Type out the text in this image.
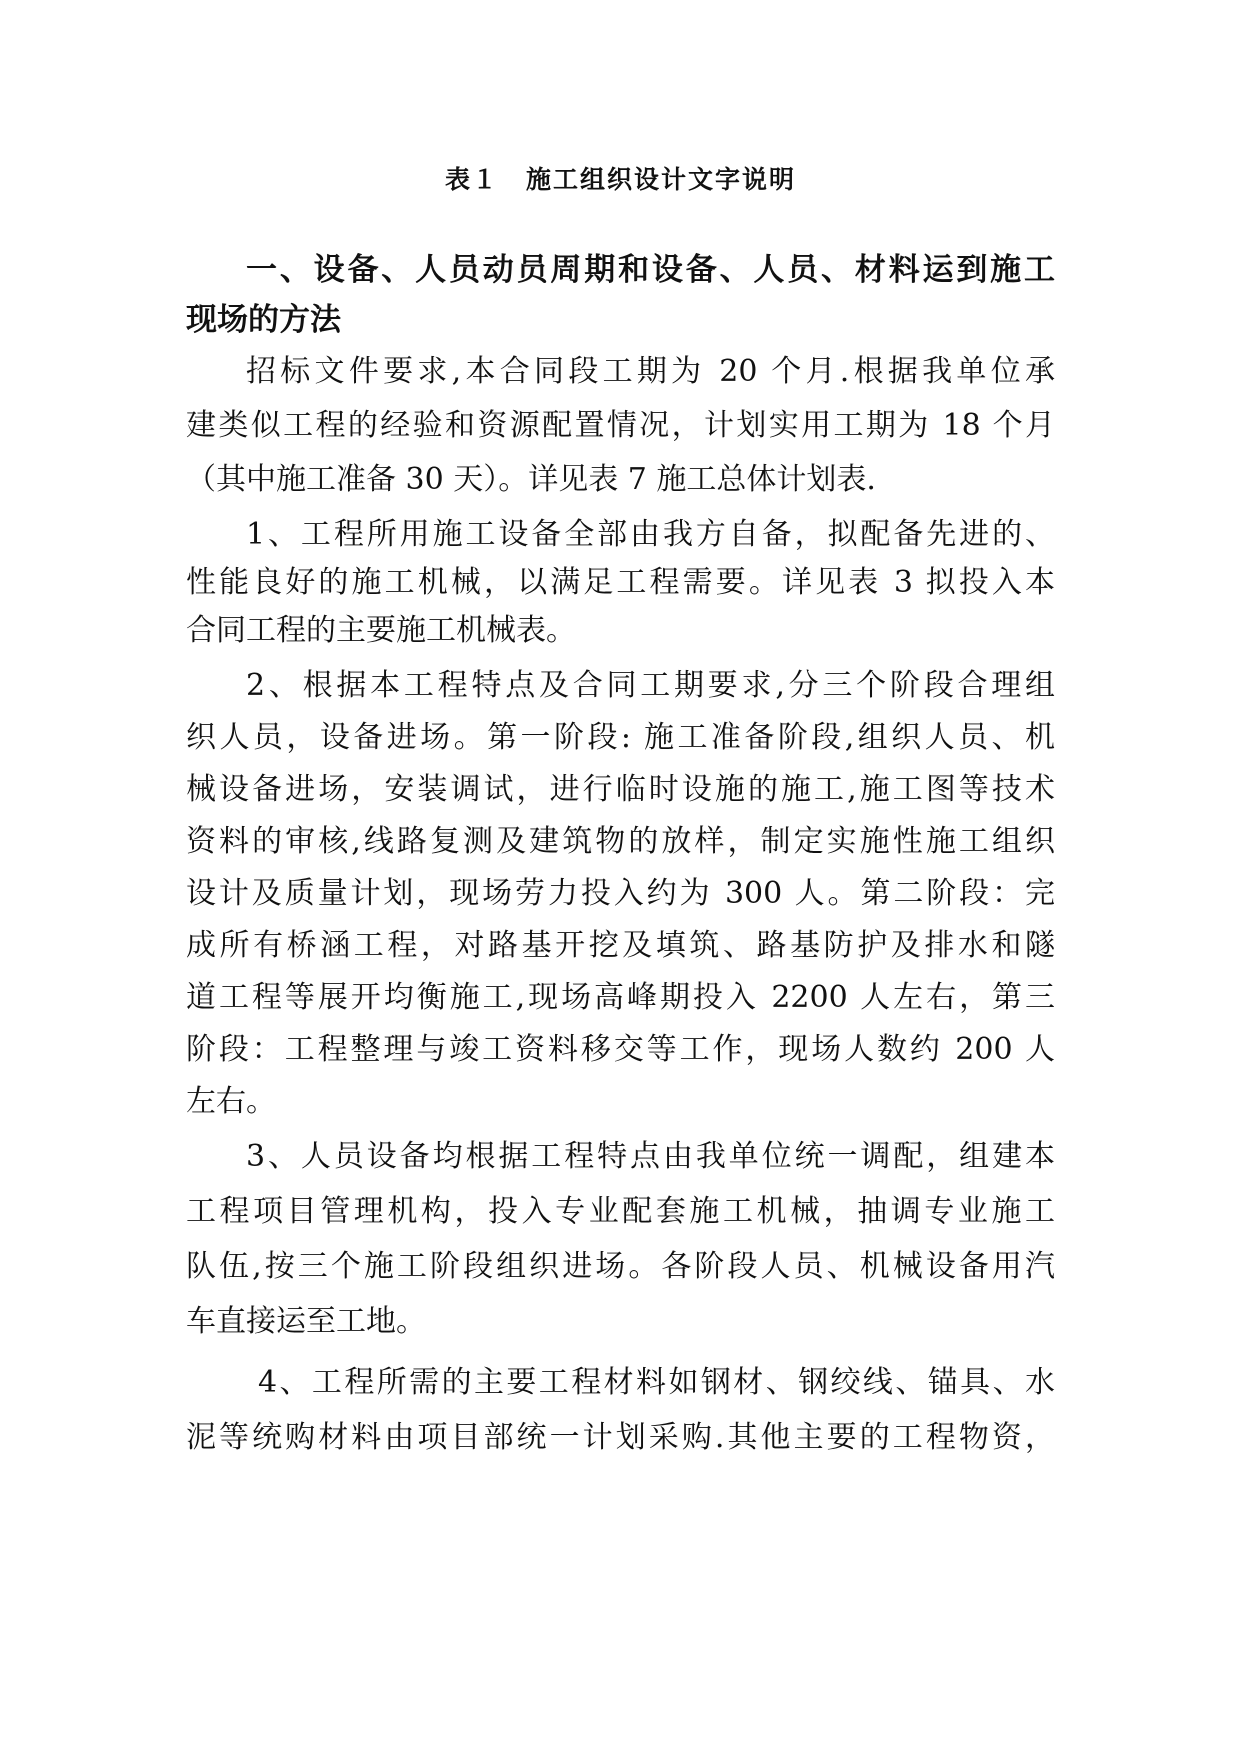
表１　施工组织设计文字说明

一、设备、人员动员周期和设备、人员、材料运到施工

现场的方法

招标文件要求,本合同段工期为 20 个月.根据我单位承

建类似工程的经验和资源配置情况，计划实用工期为 18 个月

（其中施工准备 30 天）。详见表 7 施工总体计划表.

1、工程所用施工设备全部由我方自备，拟配备先进的、

性能良好的施工机械，以满足工程需要。详见表 3 拟投入本

合同工程的主要施工机械表。

2、根据本工程特点及合同工期要求,分三个阶段合理组

织人员，设备进场。第一阶段: 施工准备阶段,组织人员、机

械设备进场，安装调试，进行临时设施的施工,施工图等技术

资料的审核,线路复测及建筑物的放样，制定实施性施工组织

设计及质量计划，现场劳力投入约为 300 人。第二阶段：完

成所有桥涵工程，对路基开挖及填筑、路基防护及排水和隧

道工程等展开均衡施工,现场高峰期投入 2200 人左右，第三

阶段：工程整理与竣工资料移交等工作，现场人数约 200 人

左右。

3、人员设备均根据工程特点由我单位统一调配，组建本

工程项目管理机构，投入专业配套施工机械，抽调专业施工

队伍,按三个施工阶段组织进场。各阶段人员、机械设备用汽

车直接运至工地。

4、工程所需的主要工程材料如钢材、钢绞线、锚具、水

泥等统购材料由项目部统一计划采购.其他主要的工程物资，
